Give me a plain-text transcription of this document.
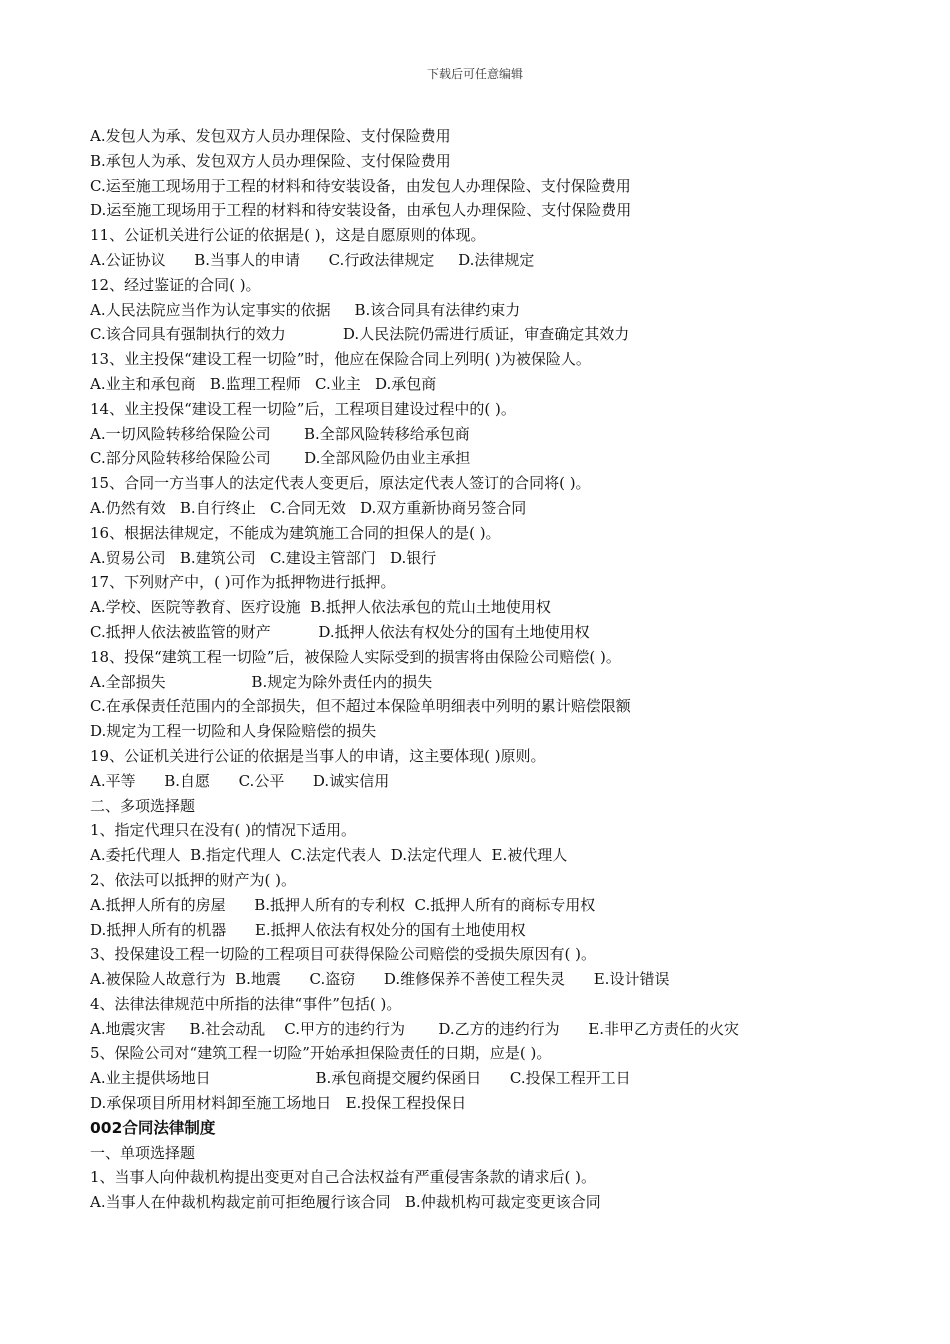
下载后可任意编辑
A.发包人为承、发包双方人员办理保险、支付保险费用
B.承包人为承、发包双方人员办理保险、支付保险费用
C.运至施工现场用于工程的材料和待安装设备，由发包人办理保险、支付保险费用
D.运至施工现场用于工程的材料和待安装设备，由承包人办理保险、支付保险费用
11、公证机关进行公证的依据是( )，这是自愿原则的体现。
A.公证协议      B.当事人的申请      C.行政法律规定     D.法律规定
12、经过鉴证的合同( )。
A.人民法院应当作为认定事实的依据     B.该合同具有法律约束力
C.该合同具有强制执行的效力            D.人民法院仍需进行质证，审查确定其效力
13、业主投保“建设工程一切险”时，他应在保险合同上列明( )为被保险人。
A.业主和承包商   B.监理工程师   C.业主   D.承包商
14、业主投保“建设工程一切险”后，工程项目建设过程中的( )。
A.一切风险转移给保险公司       B.全部风险转移给承包商
C.部分风险转移给保险公司       D.全部风险仍由业主承担
15、合同一方当事人的法定代表人变更后，原法定代表人签订的合同将( )。
A.仍然有效   B.自行终止   C.合同无效   D.双方重新协商另签合同
16、根据法律规定，不能成为建筑施工合同的担保人的是( )。
A.贸易公司   B.建筑公司   C.建设主管部门   D.银行
17、下列财产中，( )可作为抵押物进行抵押。
A.学校、医院等教育、医疗设施  B.抵押人依法承包的荒山土地使用权
C.抵押人依法被监管的财产          D.抵押人依法有权处分的国有土地使用权
18、投保“建筑工程一切险”后，被保险人实际受到的损害将由保险公司赔偿( )。
A.全部损失                  B.规定为除外责任内的损失
C.在承保责任范围内的全部损失，但不超过本保险单明细表中列明的累计赔偿限额
D.规定为工程一切险和人身保险赔偿的损失
19、公证机关进行公证的依据是当事人的申请，这主要体现( )原则。
A.平等      B.自愿      C.公平      D.诚实信用
二、多项选择题
1、指定代理只在没有( )的情况下适用。
A.委托代理人  B.指定代理人  C.法定代表人  D.法定代理人  E.被代理人
2、依法可以抵押的财产为( )。
A.抵押人所有的房屋      B.抵押人所有的专利权  C.抵押人所有的商标专用权
D.抵押人所有的机器      E.抵押人依法有权处分的国有土地使用权
3、投保建设工程一切险的工程项目可获得保险公司赔偿的受损失原因有( )。
A.被保险人故意行为  B.地震      C.盗窃      D.维修保养不善使工程失灵      E.设计错误
4、法律法律规范中所指的法律“事件”包括( )。
A.地震灾害     B.社会动乱    C.甲方的违约行为       D.乙方的违约行为      E.非甲乙方责任的火灾
5、保险公司对“建筑工程一切险”开始承担保险责任的日期，应是( )。
A.业主提供场地日                      B.承包商提交履约保函日      C.投保工程开工日
D.承保项目所用材料卸至施工场地日   E.投保工程投保日
002合同法律制度
一、单项选择题
1、当事人向仲裁机构提出变更对自己合法权益有严重侵害条款的请求后( )。
A.当事人在仲裁机构裁定前可拒绝履行该合同   B.仲裁机构可裁定变更该合同
